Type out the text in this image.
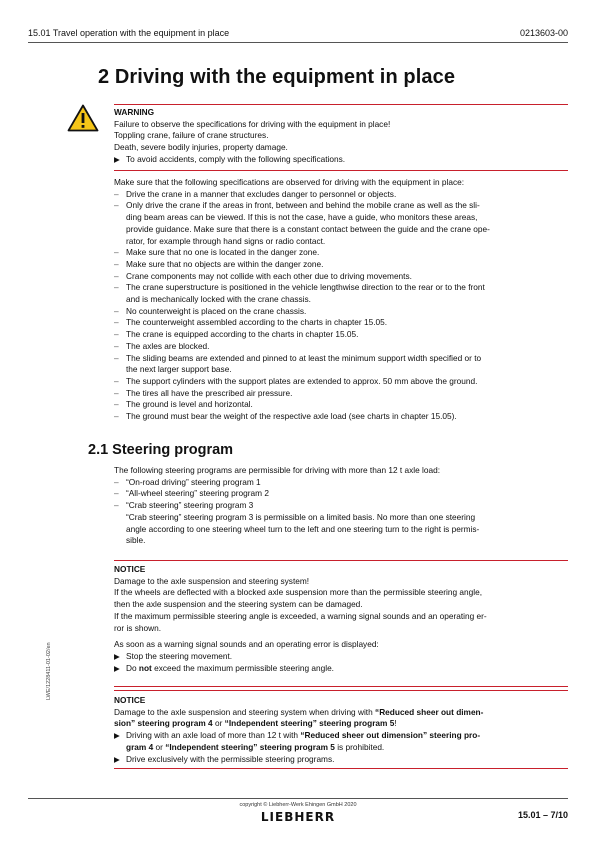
15.01 Travel operation with the equipment in place	0213603-00
2 Driving with the equipment in place
WARNING
Failure to observe the specifications for driving with the equipment in place!
Toppling crane, failure of crane structures.
Death, severe bodily injuries, property damage.
▶ To avoid accidents, comply with the following specifications.
Make sure that the following specifications are observed for driving with the equipment in place:
– Drive the crane in a manner that excludes danger to personnel or objects.
– Only drive the crane if the areas in front, between and behind the mobile crane as well as the sli-
ding beam areas can be viewed. If this is not the case, have a guide, who monitors these areas,
provide guidance. Make sure that there is a constant contact between the guide and the crane ope-
rator, for example through hand signs or radio contact.
– Make sure that no one is located in the danger zone.
– Make sure that no objects are within the danger zone.
– Crane components may not collide with each other due to driving movements.
– The crane superstructure is positioned in the vehicle lengthwise direction to the rear or to the front
and is mechanically locked with the crane chassis.
– No counterweight is placed on the crane chassis.
– The counterweight assembled according to the charts in chapter 15.05.
– The crane is equipped according to the charts in chapter 15.05.
– The axles are blocked.
– The sliding beams are extended and pinned to at least the minimum support width specified or to
the next larger support base.
– The support cylinders with the support plates are extended to approx. 50 mm above the ground.
– The tires all have the prescribed air pressure.
– The ground is level and horizontal.
– The ground must bear the weight of the respective axle load (see charts in chapter 15.05).
2.1 Steering program
The following steering programs are permissible for driving with more than 12 t axle load:
– “On-road driving” steering program 1
– “All-wheel steering” steering program 2
– “Crab steering” steering program 3
“Crab steering” steering program 3 is permissible on a limited basis. No more than one steering
angle according to one steering wheel turn to the left and one steering turn to the right is permis-
sible.
NOTICE
Damage to the axle suspension and steering system!
If the wheels are deflected with a blocked axle suspension more than the permissible steering angle,
then the axle suspension and the steering system can be damaged.
If the maximum permissible steering angle is exceeded, a warning signal sounds and an operating er-
ror is shown.
As soon as a warning signal sounds and an operating error is displayed:
▶ Stop the steering movement.
▶ Do not exceed the maximum permissible steering angle.
NOTICE
Damage to the axle suspension and steering system when driving with “Reduced sheer out dimen-
sion” steering program 4 or “Independent steering” steering program 5!
▶ Driving with an axle load of more than 12 t with “Reduced sheer out dimension” steering pro-
gram 4 or “Independent steering” steering program 5 is prohibited.
▶ Drive exclusively with the permissible steering programs.
LWE/1228411-01-02/en
copyright © Liebherr-Werk Ehingen GmbH 2020
LIEBHERR	15.01 – 7/10
